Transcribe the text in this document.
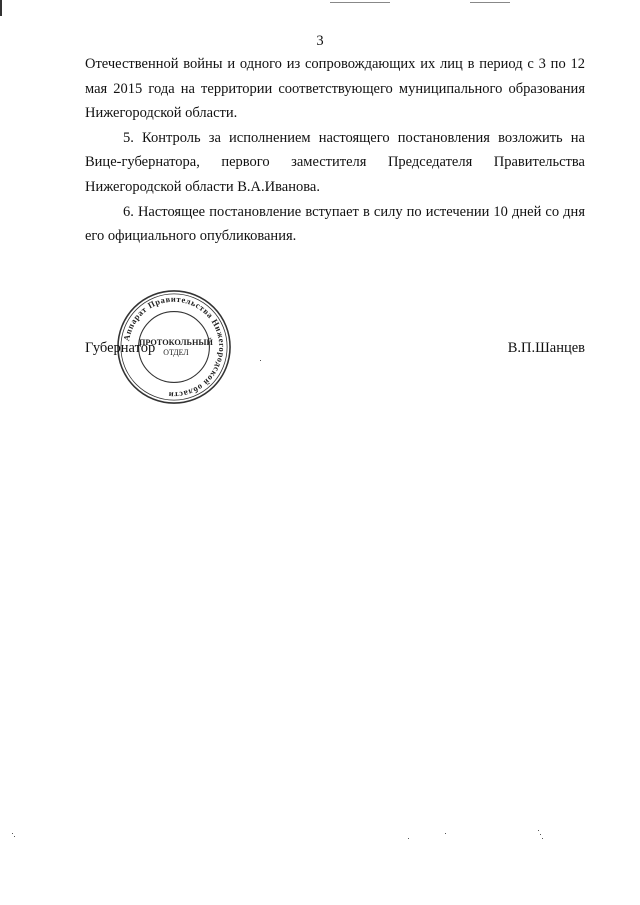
3

Отечественной войны и одного из сопровождающих их лиц в период с 3 по 12 мая 2015 года на территории соответствующего муниципального образования Нижегородской области.

5. Контроль за исполнением настоящего постановления возложить на Вице-губернатора, первого заместителя Председателя Правительства Нижегородской области В.А.Иванова.

6. Настоящее постановление вступает в силу по истечении 10 дней со дня его официального опубликования.

Аппарат Правительства Нижегородской области
ПРОТОКОЛЬНЫЙ
ОТДЕЛ
Губернатор	В.П.Шанцев
